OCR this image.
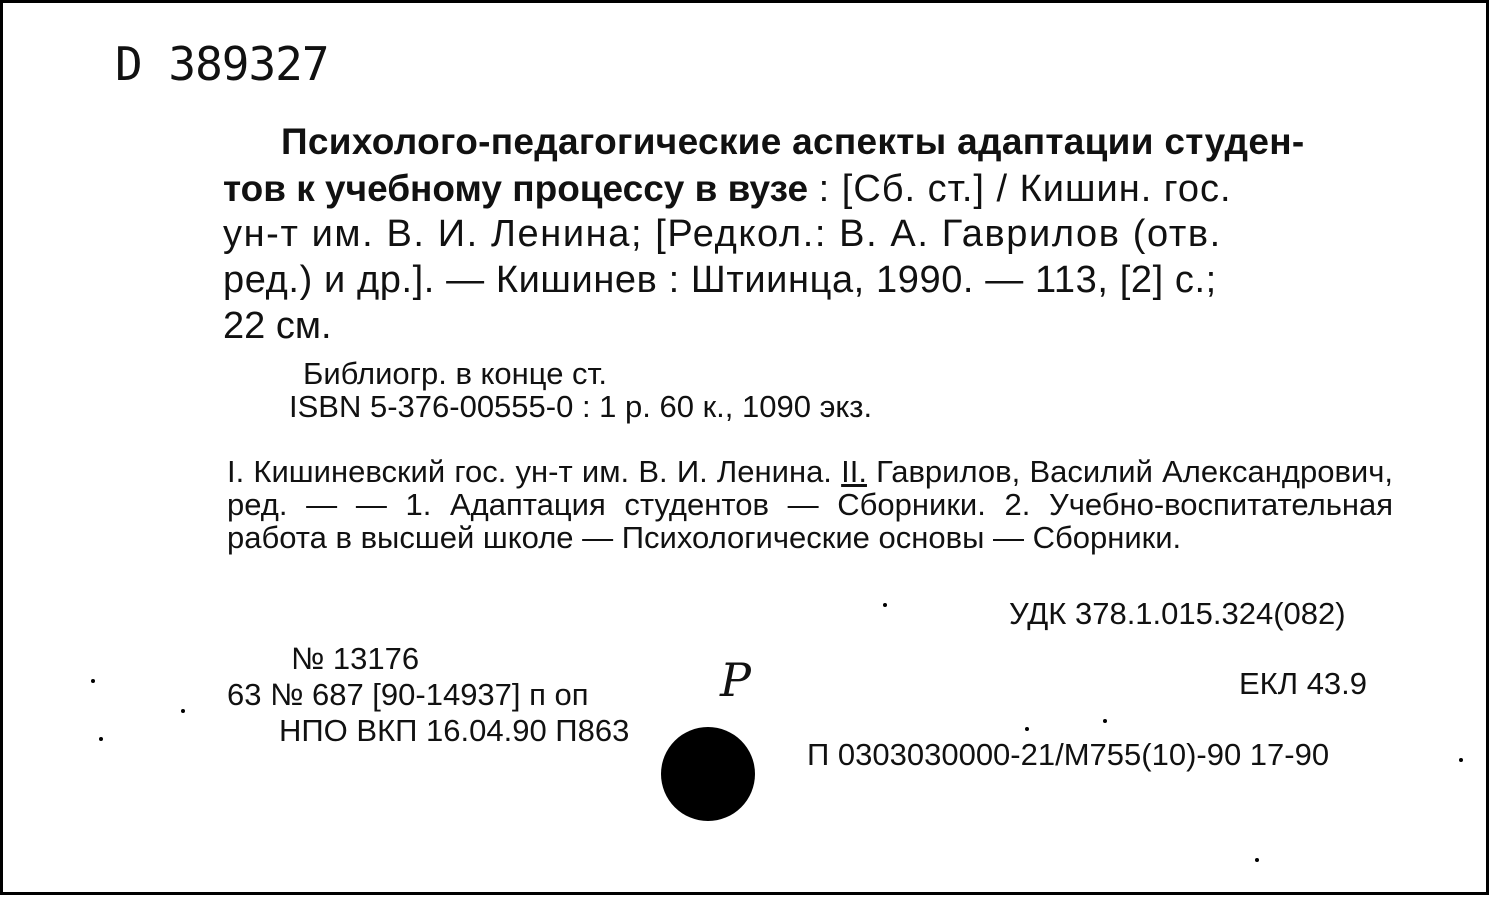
D 389327
Психолого-педагогические аспекты адаптации студен-
тов к учебному процессу в вузе : [Сб. ст.] / Кишин. гос.
ун-т им. В. И. Ленина; [Редкол.: В. А. Гаврилов (отв.
ред.) и др.]. — Кишинев : Штиинца, 1990. — 113, [2] с.;
22 см.
Библиогр. в конце ст.
ISBN 5-376-00555-0 : 1 р. 60 к., 1090 экз.
I. Кишиневский гос. ун-т им. В. И. Ленина. II. Гаврилов, Василий Александрович, ред. — — 1. Адаптация студентов — Сборники. 2. Учебно-воспитательная работа в высшей школе — Психологические основы — Сборники.
УДК 378.1.015.324(082)
№ 13176
63 № 687 [90-14937] п оп
НПО ВКП 16.04.90 П863
ЕКЛ 43.9
П 0303030000-21/М755(10)-90 17-90
Р
